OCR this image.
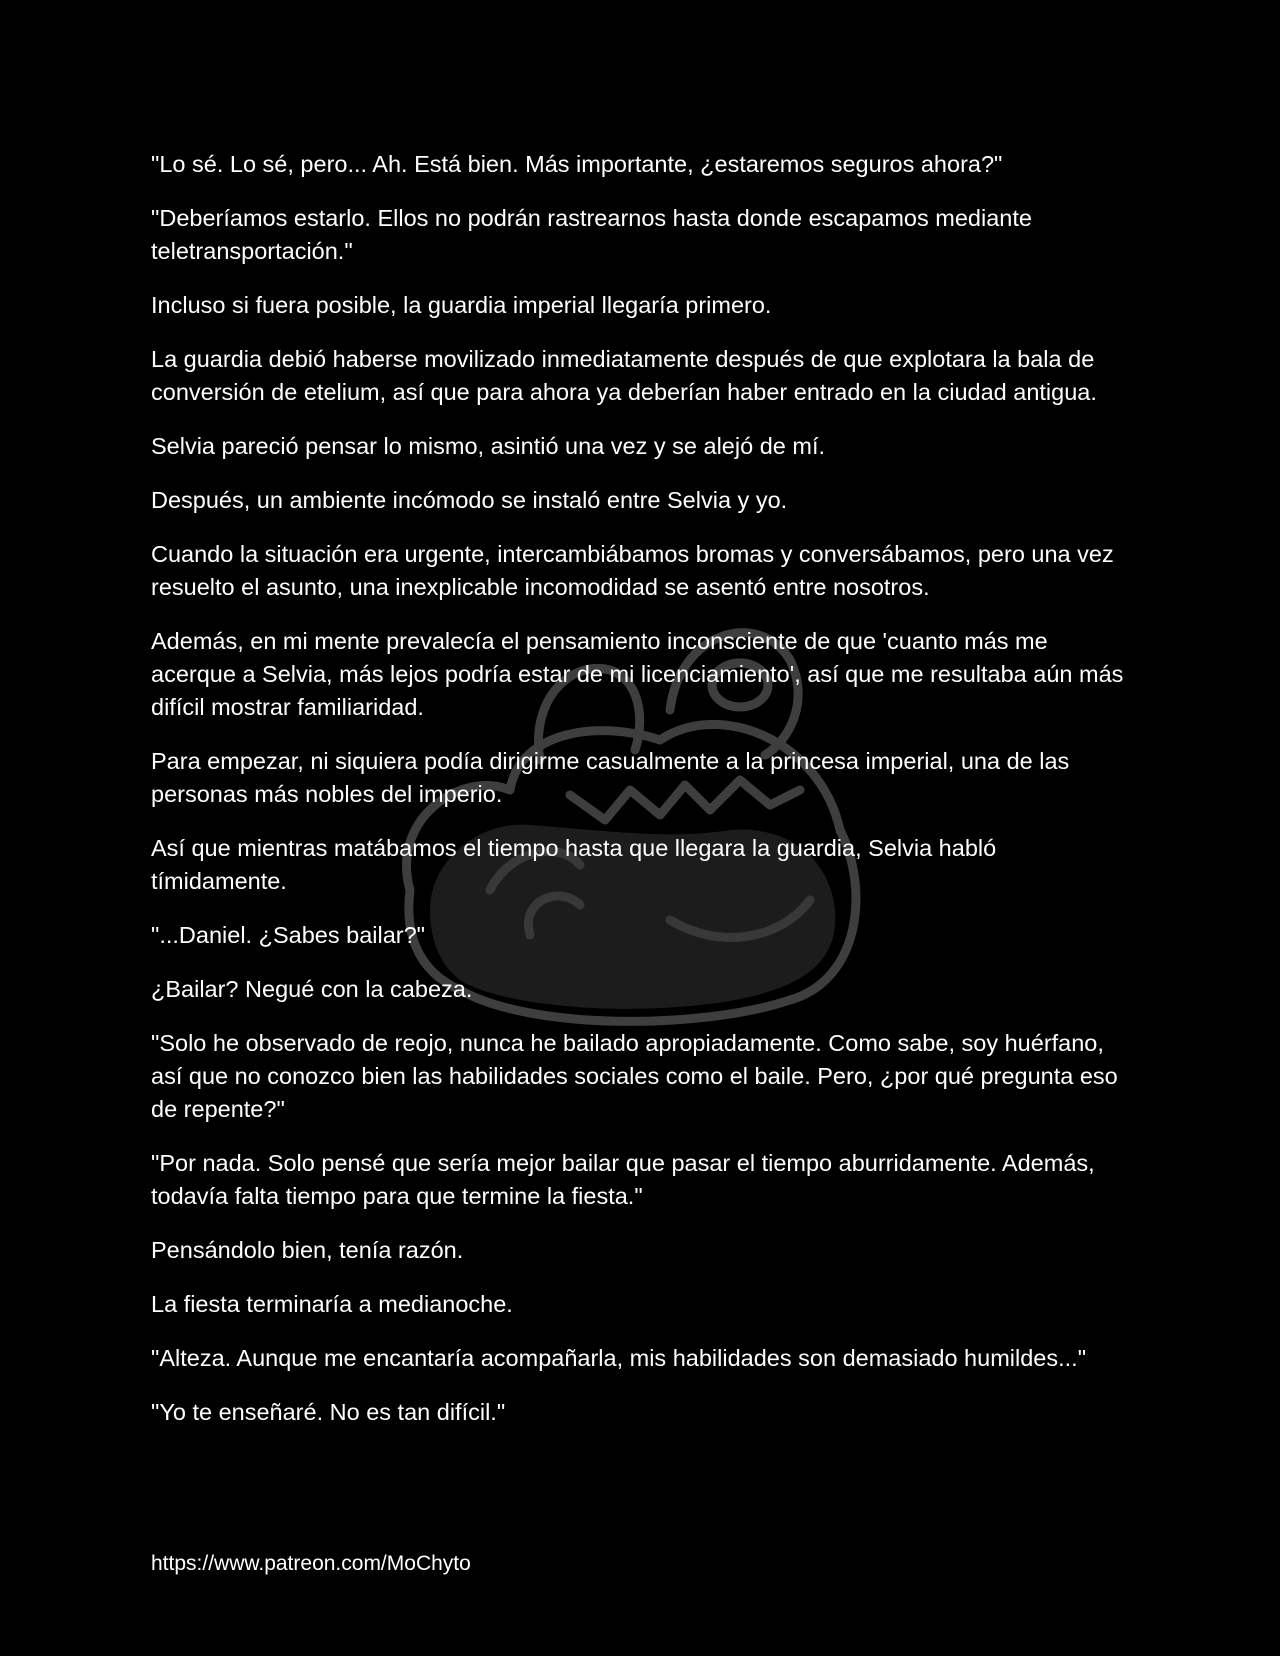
"Lo sé. Lo sé, pero... Ah. Está bien. Más importante, ¿estaremos seguros ahora?"

"Deberíamos estarlo. Ellos no podrán rastrearnos hasta donde escapamos mediante teletransportación."

Incluso si fuera posible, la guardia imperial llegaría primero.

La guardia debió haberse movilizado inmediatamente después de que explotara la bala de conversión de etelium, así que para ahora ya deberían haber entrado en la ciudad antigua.

Selvia pareció pensar lo mismo, asintió una vez y se alejó de mí.

Después, un ambiente incómodo se instaló entre Selvia y yo.

Cuando la situación era urgente, intercambiábamos bromas y conversábamos, pero una vez resuelto el asunto, una inexplicable incomodidad se asentó entre nosotros.

Además, en mi mente prevalecía el pensamiento inconsciente de que 'cuanto más me acerque a Selvia, más lejos podría estar de mi licenciamiento', así que me resultaba aún más difícil mostrar familiaridad.

Para empezar, ni siquiera podía dirigirme casualmente a la princesa imperial, una de las personas más nobles del imperio.

Así que mientras matábamos el tiempo hasta que llegara la guardia, Selvia habló tímidamente.

"...Daniel. ¿Sabes bailar?"

¿Bailar? Negué con la cabeza.

"Solo he observado de reojo, nunca he bailado apropiadamente. Como sabe, soy huérfano, así que no conozco bien las habilidades sociales como el baile. Pero, ¿por qué pregunta eso de repente?"

"Por nada. Solo pensé que sería mejor bailar que pasar el tiempo aburridamente. Además, todavía falta tiempo para que termine la fiesta."

Pensándolo bien, tenía razón.

La fiesta terminaría a medianoche.

"Alteza. Aunque me encantaría acompañarla, mis habilidades son demasiado humildes..."

"Yo te enseñaré. No es tan difícil."

https://www.patreon.com/MoChyto
